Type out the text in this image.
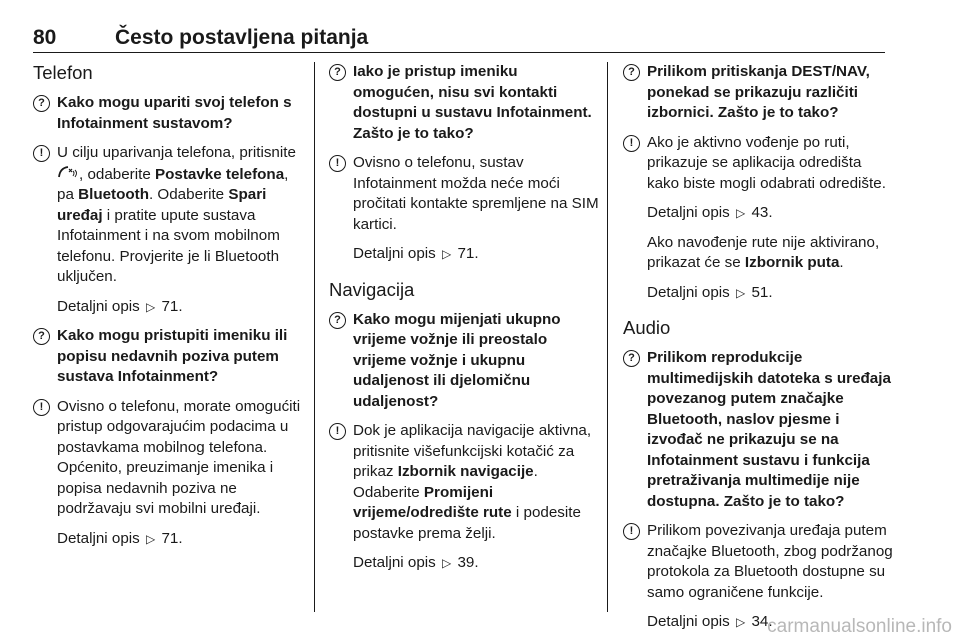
80	Često postavljena pitanja
Telefon
? Kako mogu upariti svoj telefon s Infotainment sustavom?
! U cilju uparivanja telefona, pritisnite , odaberite Postavke telefona, pa Bluetooth. Odaberite Spari uređaj i pratite upute sustava Infotainment i na svom mobilnom telefonu. Provjerite je li Bluetooth uključen.

Detaljni opis ▷ 71.

? Kako mogu pristupiti imeniku ili popisu nedavnih poziva putem sustava Infotainment?
! Ovisno o telefonu, morate omogućiti pristup odgovarajućim podacima u postavkama mobilnog telefona. Općenito, preuzimanje imenika i popisa nedavnih poziva ne podržavaju svi mobilni uređaji.

Detaljni opis ▷ 71.

? Iako je pristup imeniku omogućen, nisu svi kontakti dostupni u sustavu Infotainment. Zašto je to tako?
! Ovisno o telefonu, sustav Infotainment možda neće moći pročitati kontakte spremljene na SIM kartici.

Detaljni opis ▷ 71.

Navigacija
? Kako mogu mijenjati ukupno vrijeme vožnje ili preostalo vrijeme vožnje i ukupnu udaljenost ili djelomičnu udaljenost?
! Dok je aplikacija navigacije aktivna, pritisnite višefunkcijski kotačić za prikaz Izbornik navigacije. Odaberite Promijeni vrijeme/odredište rute i podesite postavke prema želji.

Detaljni opis ▷ 39.

? Prilikom pritiskanja DEST/NAV, ponekad se prikazuju različiti izbornici. Zašto je to tako?
! Ako je aktivno vođenje po ruti, prikazuje se aplikacija odredišta kako biste mogli odabrati odredište.

Detaljni opis ▷ 43.

Ako navođenje rute nije aktivirano, prikazat će se Izbornik puta.

Detaljni opis ▷ 51.

Audio
? Prilikom reprodukcije multimedijskih datoteka s uređaja povezanog putem značajke Bluetooth, naslov pjesme i izvođač ne prikazuju se na Infotainment sustavu i funkcija pretraživanja multimedije nije dostupna. Zašto je to tako?
! Prilikom povezivanja uređaja putem značajke Bluetooth, zbog podržanog protokola za Bluetooth dostupne su samo ograničene funkcije.

Detaljni opis ▷ 34.

carmanualsonline.info
